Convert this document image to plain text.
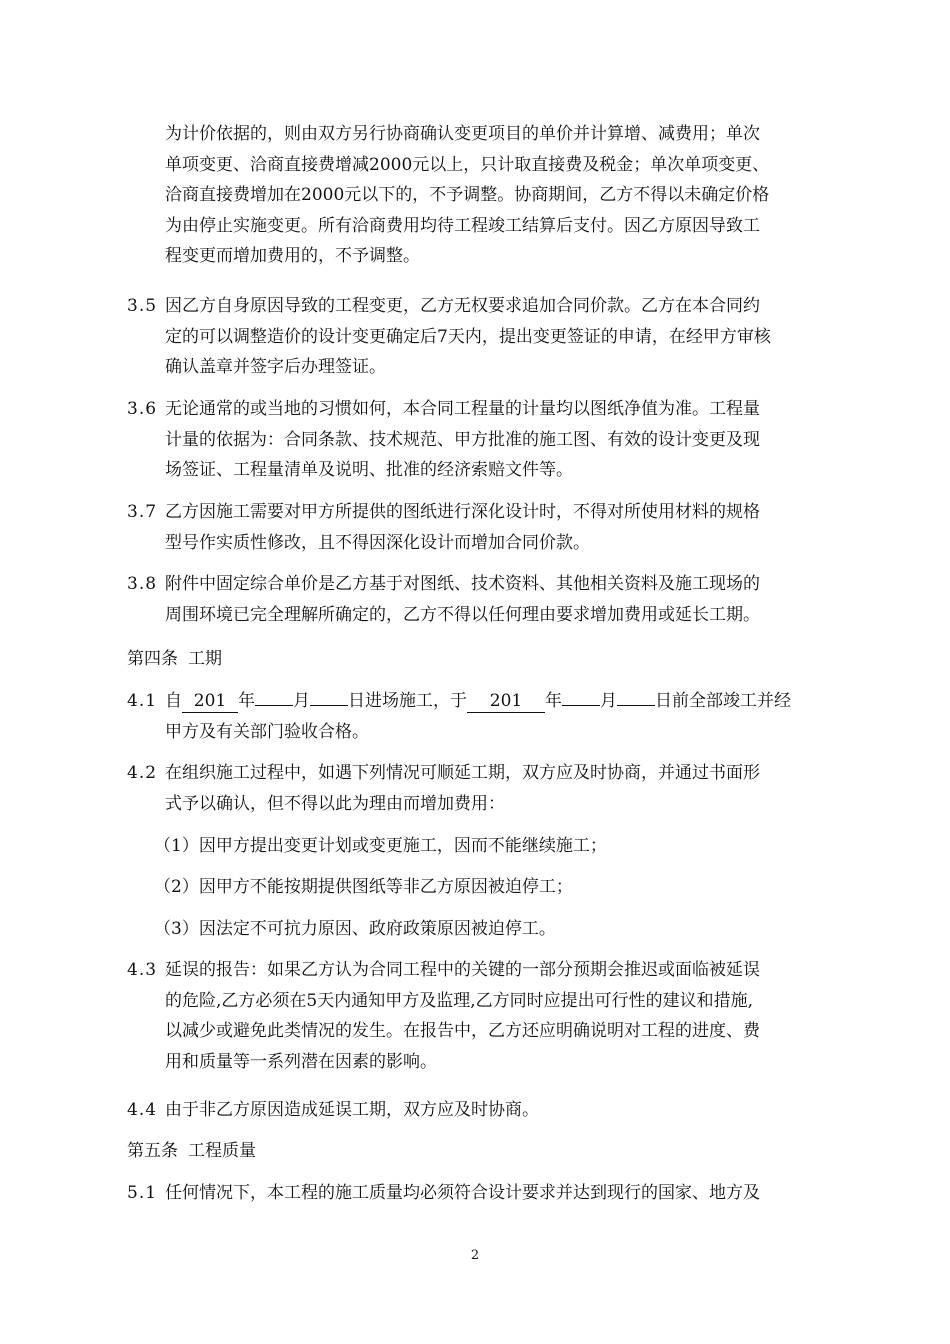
为计价依据的，则由双方另行协商确认变更项目的单价并计算增、减费用；单次
单项变更、洽商直接费增减2000元以上，只计取直接费及税金；单次单项变更、
洽商直接费增加在2000元以下的，不予调整。协商期间，乙方不得以未确定价格
为由停止实施变更。所有洽商费用均待工程竣工结算后支付。因乙方原因导致工
程变更而增加费用的，不予调整。
3.5 因乙方自身原因导致的工程变更，乙方无权要求追加合同价款。乙方在本合同约
定的可以调整造价的设计变更确定后7天内，提出变更签证的申请，在经甲方审核
确认盖章并签字后办理签证。
3.6 无论通常的或当地的习惯如何，本合同工程量的计量均以图纸净值为准。工程量
计量的依据为：合同条款、技术规范、甲方批准的施工图、有效的设计变更及现
场签证、工程量清单及说明、批准的经济索赔文件等。
3.7 乙方因施工需要对甲方所提供的图纸进行深化设计时，不得对所使用材料的规格
型号作实质性修改，且不得因深化设计而增加合同价款。
3.8 附件中固定综合单价是乙方基于对图纸、技术资料、其他相关资料及施工现场的
周围环境已完全理解所确定的，乙方不得以任何理由要求增加费用或延长工期。
第四条 工期
4.1 自 201 年 月 日进场施工，于 201 年 月 日前全部竣工并经
甲方及有关部门验收合格。
4.2 在组织施工过程中，如遇下列情况可顺延工期，双方应及时协商，并通过书面形
式予以确认，但不得以此为理由而增加费用：
（1）因甲方提出变更计划或变更施工，因而不能继续施工；
（2）因甲方不能按期提供图纸等非乙方原因被迫停工；
（3）因法定不可抗力原因、政府政策原因被迫停工。
4.3 延误的报告：如果乙方认为合同工程中的关键的一部分预期会推迟或面临被延误
的危险,乙方必须在5天内通知甲方及监理,乙方同时应提出可行性的建议和措施,
以减少或避免此类情况的发生。在报告中，乙方还应明确说明对工程的进度、费
用和质量等一系列潜在因素的影响。
4.4 由于非乙方原因造成延误工期，双方应及时协商。
第五条 工程质量
5.1 任何情况下，本工程的施工质量均必须符合设计要求并达到现行的国家、地方及
2
